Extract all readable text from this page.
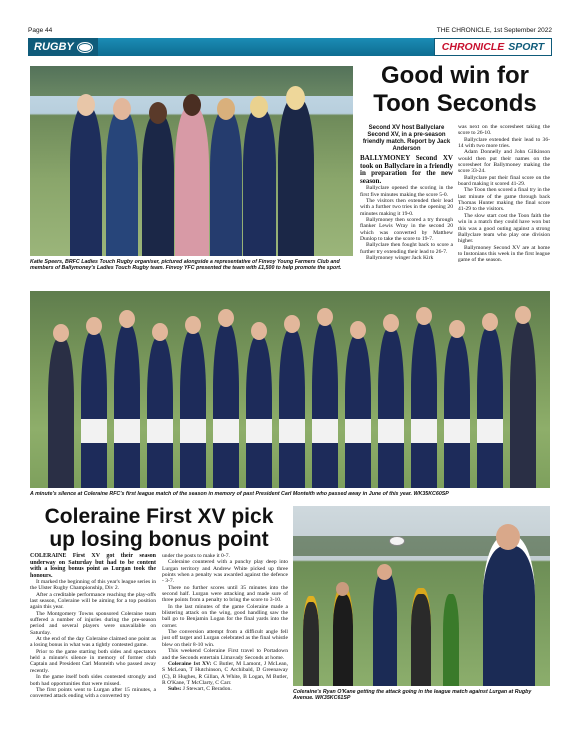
Page 44	THE CHRONICLE, 1st September 2022
RUGBY	CHRONICLE SPORT
Katie Speers, BRFC Ladies Touch Rugby organiser, pictured alongside a representative of Finvoy Young Farmers Club and members of Ballymoney's Ladies Touch Rugby team. Finvoy YFC presented the team with £1,500 to help promote the sport.
Good win for Toon Seconds
Second XV host Ballyclare Second XV, in a pre-season friendly match. Report by Jack Anderson

BALLYMONEY Second XV took on Ballyclare in a friendly in preparation for the new season.

Ballyclare opened the scoring in the first five minutes making the score 5-0.

The visitors then extended their lead with a further two tries in the opening 20 minutes making it 19-0.

Ballymoney then scored a try through flanker Lewis Wray in the second 20 which was converted by Matthew Dunlop to take the score to 19-7.

Ballyclare then fought back to score a further try extending their lead to 26-7.

Ballymoney winger Jack Kirk

was next on the scoresheet taking the score to 26-10.

Ballyclare extended their lead to 36-14 with two more tries.

Adam Donnelly and John Gilkinson would then put their names on the scoresheet for Ballymoney making the score 33-24.

Ballyclare put their final score on the board making it scored 41-29.

The Toon then scored a final try in the last minute of the game through back Thomas Hunter making the final score 41-29 to the visitors.

The slow start cost the Toon faith the win in a match they could have won but this was a good outing against a strong Ballyclare team who play one division higher.

Ballymoney Second XV are at home to Instonians this week in the first league game of the season.

A minute's silence at Coleraine RFC's first league match of the season in memory of past President Carl Monteith who passed away in June of this year. WK35KC60SP
Coleraine First XV pick up losing bonus point

COLERAINE First XV got their season underway on Saturday but had to be content with a losing bonus point as Lurgan took the honours.

It marked the beginning of this year's league series in the Ulster Rugby Championship, Div 2.

After a creditable performance reaching the play-offs last season, Coleraine will be aiming for a top position again this year.

The Montgomery Towns sponsored Coleraine team suffered a number of injuries during the pre-season period and several players were unavailable on Saturday.

At the end of the day Coleraine claimed one point as a losing bonus in what was a tightly contested game.

Prior to the game starting both sides and spectators held a minute's silence in memory of former club Captain and President Carl Monteith who passed away recently.

In the game itself both sides contested strongly and both had opportunities that were missed.

The first points went to Lurgan after 15 minutes, a converted attack ending with a converted try

under the posts to make it 0-7.

Coleraine countered with a punchy play deep into Lurgan territory and Andrew White picked up three points when a penalty was awarded against the defence - 3-7.

There no further scores until 35 minutes into the second half. Lurgan were attacking and made sure of three points from a penalty to bring the score to 3-10.

In the last minutes of the game Coleraine made a blistering attack on the wing, good handling saw the ball go to Benjamin Logan for the final yards into the corner.

The conversion attempt from a difficult angle fell just off target and Lurgan celebrated as the final whistle blew on their 8-10 win.

This weekend Coleraine First travel to Portadown and the Seconds entertain Limavady Seconds at home.

Coleraine 1st XV: C Butler, M Lamont, J McLean, S McLean, T Hutchinson, C Archibald, D Greenaway (C), B Hughes, R Gillan, A White, B Logan, M Butler, R O'Kane, T McClarty, C Carr.

Subs: J Stewart, C Beradon.	Coleraine's Ryan O'Kane getting the attack going in the league match against Lurgan at Rugby Avenue. WK35KC61SP
